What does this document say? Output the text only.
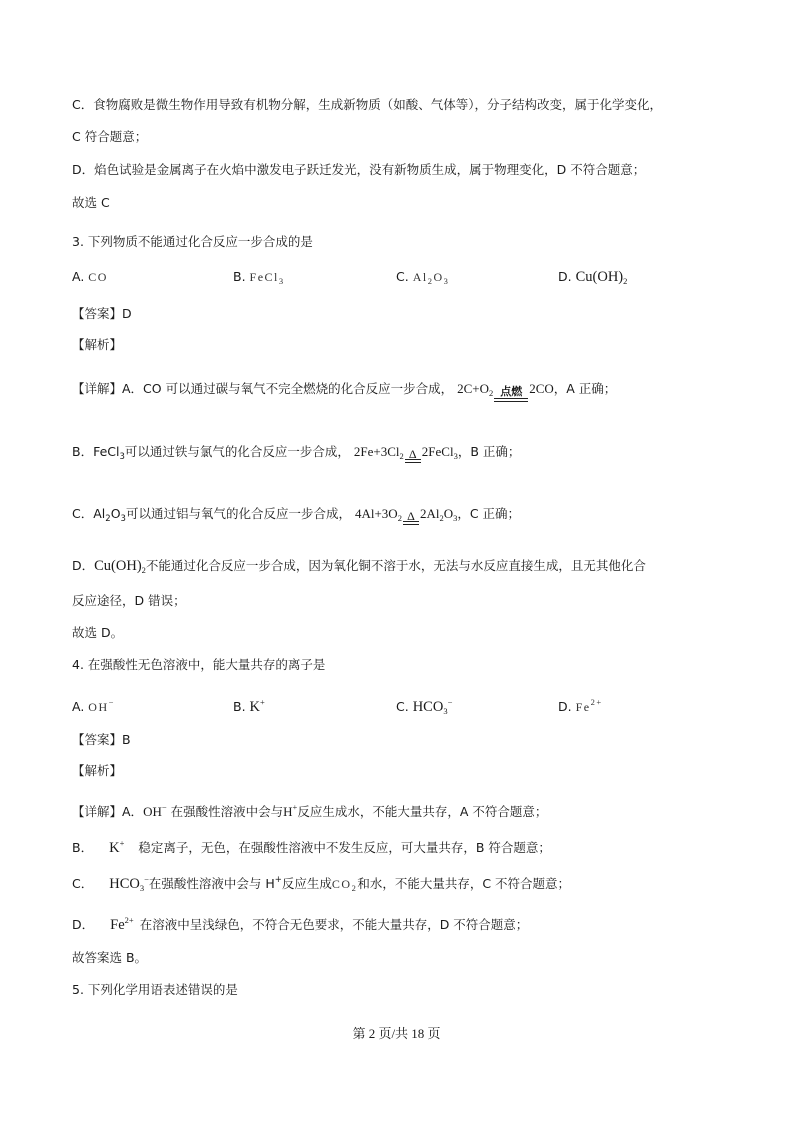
C．食物腐败是微生物作用导致有机物分解，生成新物质（如酸、气体等），分子结构改变，属于化学变化，
C 符合题意；
D．焰色试验是金属离子在火焰中激发电子跃迁发光，没有新物质生成，属于物理变化，D 不符合题意；
故选 C
3. 下列物质不能通过化合反应一步合成的是
A. CO	B. FeCl$_3$	C. $Al_2O_3$	D. $Cu(OH)_2$
【答案】D
【解析】
【详解】A．CO 可以通过碳与氧气不完全燃烧的化合反应一步合成， $2C+O_2$ 点燃 2CO，A 正确；
B．FeCl$_3$可以通过铁与氯气的化合反应一步合成， $2Fe+3Cl_2$ Δ 2FeCl$_3$，B 正确；
C．$Al_2O_3$可以通过铝与氧气的化合反应一步合成， $4Al+3O_2$ Δ $2Al_2O_3$，C 正确；
D．$Cu(OH)_2$不能通过化合反应一步合成，因为氧化铜不溶于水，无法与水反应直接生成，且无其他化合
反应途径，D 错误；
故选 D。
4. 在强酸性无色溶液中，能大量共存的离子是
A. OH−	B. K+	C. $HCO_3^-$	D. $Fe^{2+}$
【答案】B
【解析】
【详解】A．OH− 在强酸性溶液中会与H+反应生成水，不能大量共存，A 不符合题意；
B． K+ 稳定离子，无色，在强酸性溶液中不发生反应，可大量共存，B 符合题意；
C． $HCO_3^-$在强酸性溶液中会与 H+反应生成$CO_2$和水，不能大量共存，C 不符合题意；
D． $Fe^{2+}$ 在溶液中呈浅绿色，不符合无色要求，不能大量共存，D 不符合题意；
故答案选 B。
5. 下列化学用语表述错误的是
第 2 页/共 18 页
